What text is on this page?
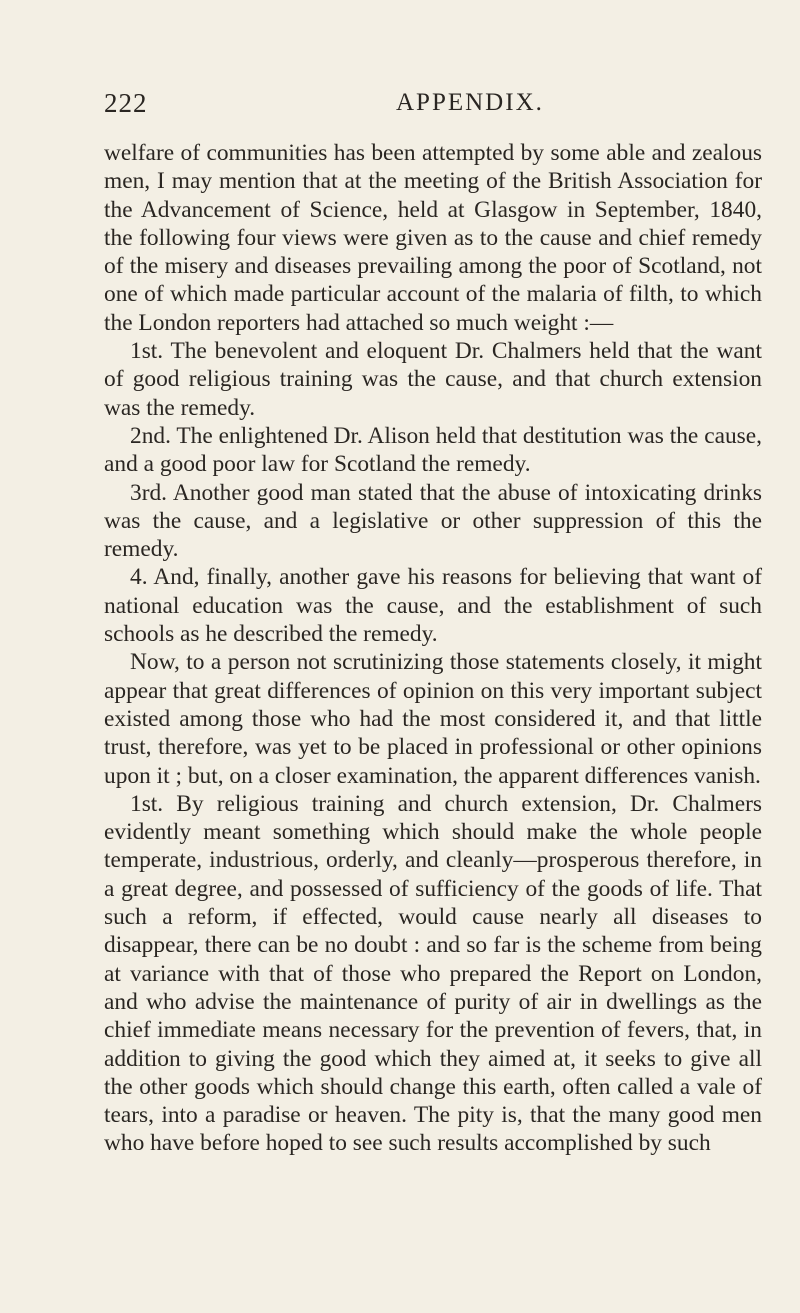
222	APPENDIX.

welfare of communities has been attempted by some able and zealous men, I may mention that at the meeting of the British Association for the Advancement of Science, held at Glasgow in September, 1840, the following four views were given as to the cause and chief remedy of the misery and diseases prevailing among the poor of Scotland, not one of which made particular account of the malaria of filth, to which the London reporters had attached so much weight :—

1st. The benevolent and eloquent Dr. Chalmers held that the want of good religious training was the cause, and that church extension was the remedy.

2nd. The enlightened Dr. Alison held that destitution was the cause, and a good poor law for Scotland the remedy.

3rd. Another good man stated that the abuse of intoxicating drinks was the cause, and a legislative or other suppression of this the remedy.

4. And, finally, another gave his reasons for believing that want of national education was the cause, and the establishment of such schools as he described the remedy.

Now, to a person not scrutinizing those statements closely, it might appear that great differences of opinion on this very important subject existed among those who had the most considered it, and that little trust, therefore, was yet to be placed in professional or other opinions upon it ; but, on a closer examination, the apparent differences vanish.

1st. By religious training and church extension, Dr. Chalmers evidently meant something which should make the whole people temperate, industrious, orderly, and cleanly—prosperous therefore, in a great degree, and possessed of sufficiency of the goods of life. That such a reform, if effected, would cause nearly all diseases to disappear, there can be no doubt : and so far is the scheme from being at variance with that of those who prepared the Report on London, and who advise the maintenance of purity of air in dwellings as the chief immediate means necessary for the prevention of fevers, that, in addition to giving the good which they aimed at, it seeks to give all the other goods which should change this earth, often called a vale of tears, into a paradise or heaven. The pity is, that the many good men who have before hoped to see such results accomplished by such
